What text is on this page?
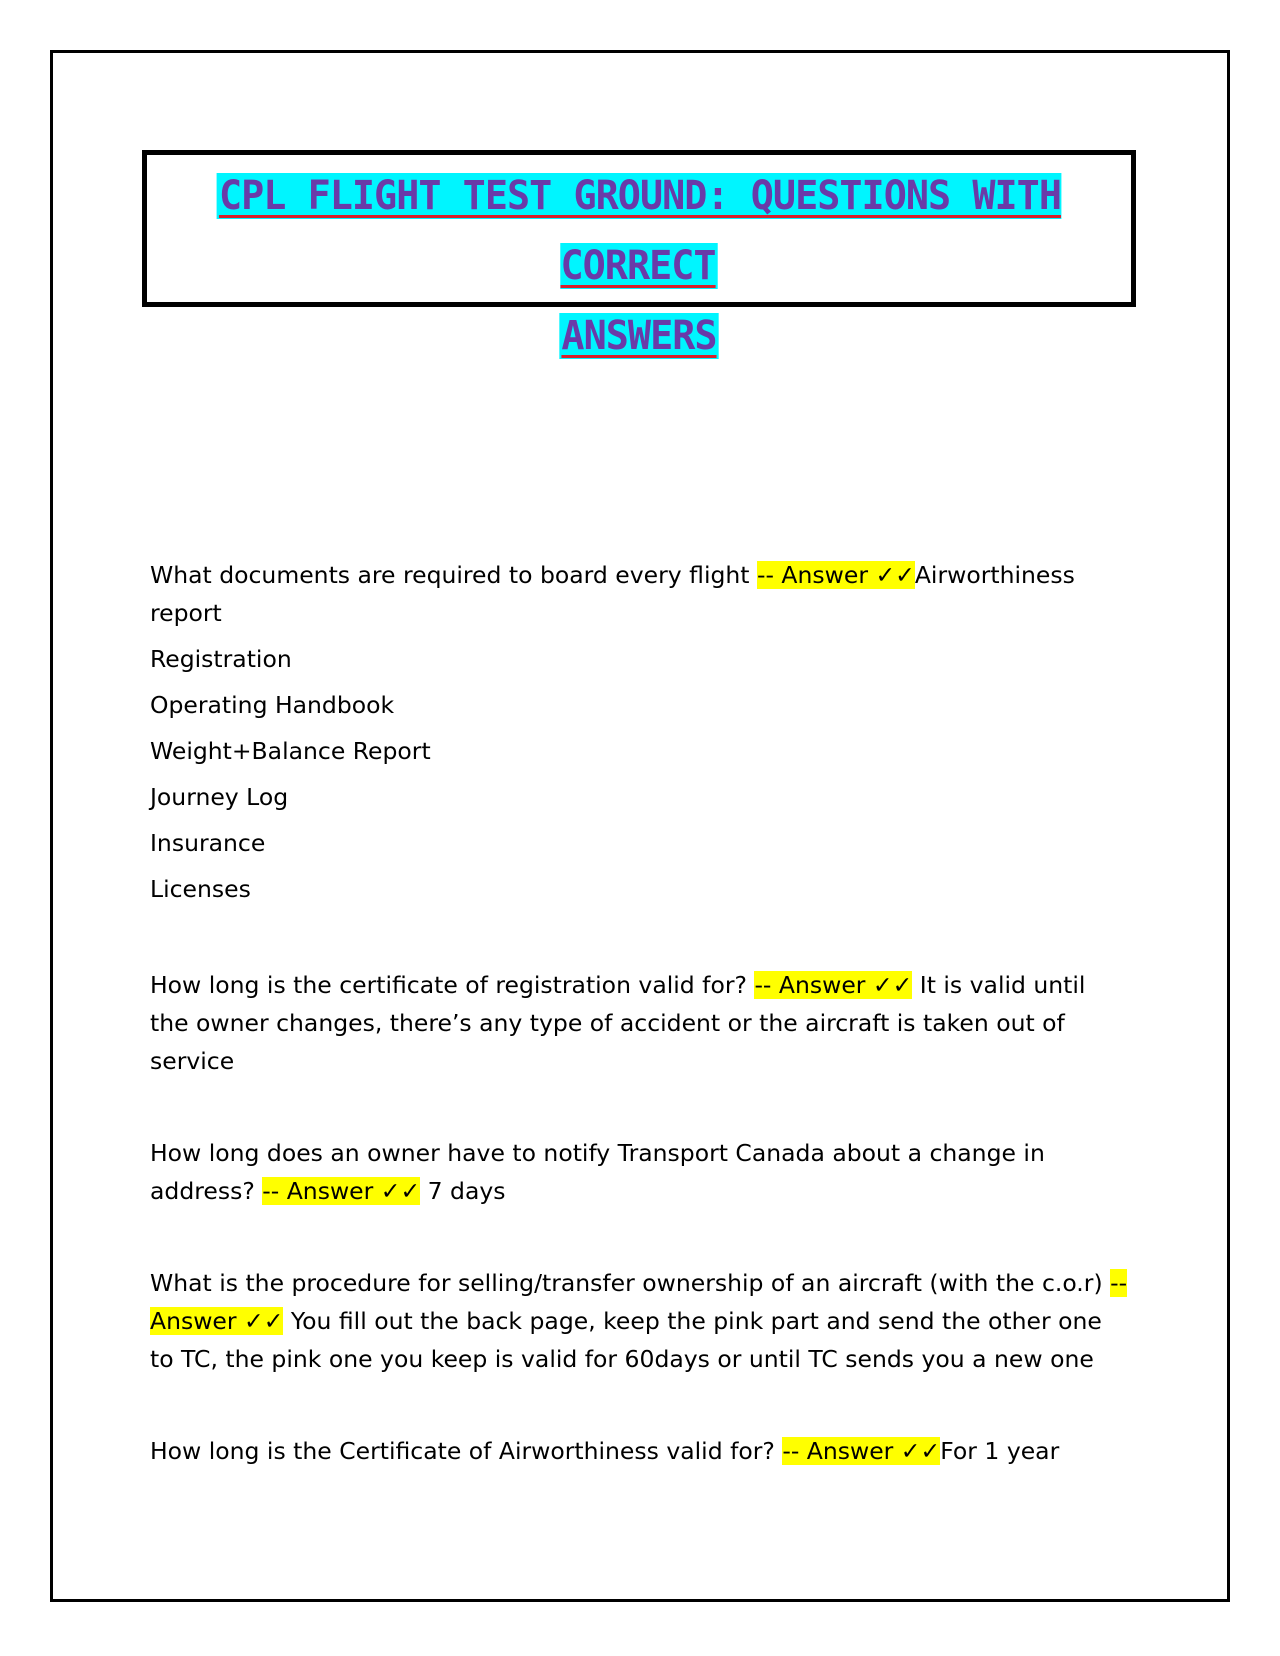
CPL FLIGHT TEST GROUND: QUESTIONS WITH CORRECT
ANSWERS

What documents are required to board every flight -- Answer ✓✓Airworthiness report

Registration

Operating Handbook

Weight+Balance Report

Journey Log

Insurance

Licenses

How long is the certificate of registration valid for? -- Answer ✓✓ It is valid until the owner changes, there’s any type of accident or the aircraft is taken out of service

How long does an owner have to notify Transport Canada about a change in address? -- Answer ✓✓ 7 days

What is the procedure for selling/transfer ownership of an aircraft (with the c.o.r) -- Answer ✓✓ You fill out the back page, keep the pink part and send the other one to TC, the pink one you keep is valid for 60days or until TC sends you a new one

How long is the Certificate of Airworthiness valid for? -- Answer ✓✓For 1 year
